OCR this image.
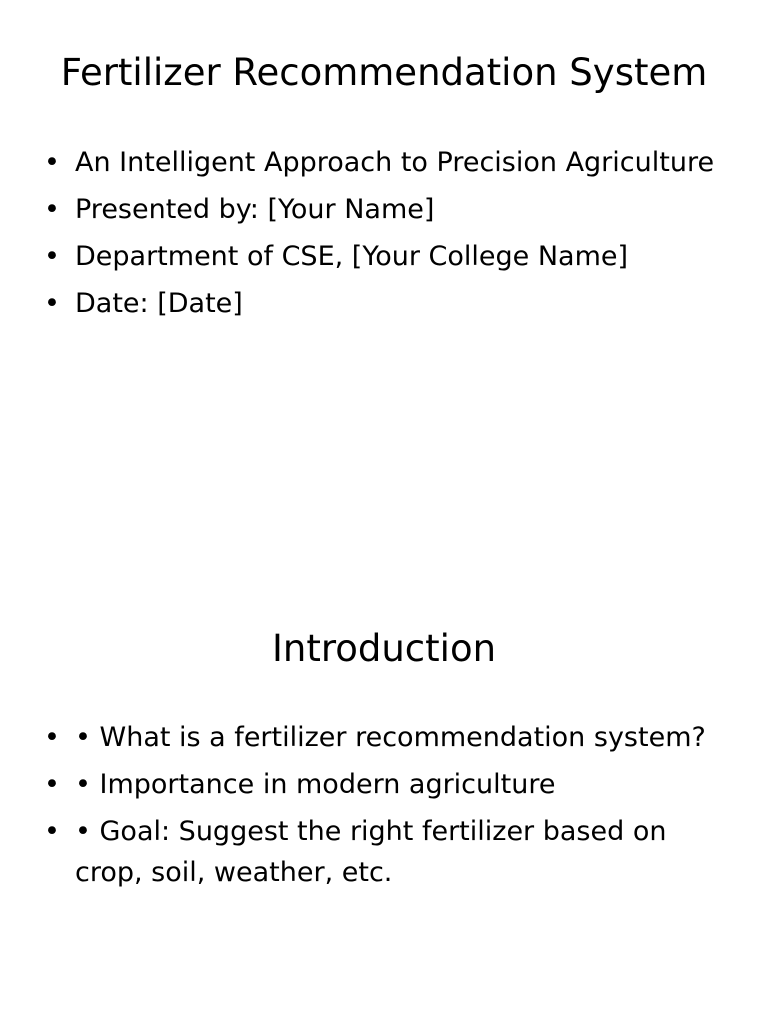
Fertilizer Recommendation System
• An Intelligent Approach to Precision Agriculture
• Presented by: [Your Name]
• Department of CSE, [Your College Name]
• Date: [Date]
Introduction
• • What is a fertilizer recommendation system?
• • Importance in modern agriculture
• • Goal: Suggest the right fertilizer based on crop, soil, weather, etc.
